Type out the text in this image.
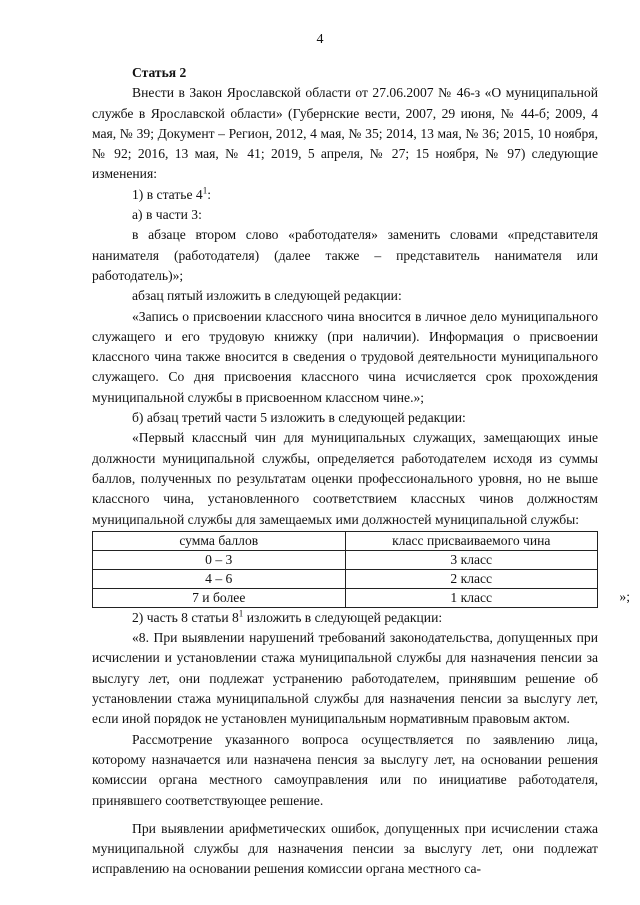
4

Статья 2

Внести в Закон Ярославской области от 27.06.2007 № 46-з «О муниципальной службе в Ярославской области» (Губернские вести, 2007, 29 июня, № 44-б; 2009, 4 мая, № 39; Документ – Регион, 2012, 4 мая, № 35; 2014, 13 мая, № 36; 2015, 10 ноября, № 92; 2016, 13 мая, № 41; 2019, 5 апреля, № 27; 15 ноября, № 97) следующие изменения:

1) в статье $4^1$:

а) в части 3:

в абзаце втором слово «работодателя» заменить словами «представителя нанимателя (работодателя) (далее также – представитель нанимателя или работодатель)»;

абзац пятый изложить в следующей редакции:

«Запись о присвоении классного чина вносится в личное дело муниципального служащего и его трудовую книжку (при наличии). Информация о присвоении классного чина также вносится в сведения о трудовой деятельности муниципального служащего. Со дня присвоения классного чина исчисляется срок прохождения муниципальной службы в присвоенном классном чине.»;

б) абзац третий части 5 изложить в следующей редакции:

«Первый классный чин для муниципальных служащих, замещающих иные должности муниципальной службы, определяется работодателем исходя из суммы баллов, полученных по результатам оценки профессионального уровня, но не выше классного чина, установленного соответствием классных чинов должностям муниципальной службы для замещаемых ими должностей муниципальной службы:

сумма баллов	класс присваиваемого чина
0 – 3	3 класс
4 – 6	2 класс
7 и более	1 класс	»;

2) часть 8 статьи $8^1$ изложить в следующей редакции:

«8. При выявлении нарушений требований законодательства, допущенных при исчислении и установлении стажа муниципальной службы для назначения пенсии за выслугу лет, они подлежат устранению работодателем, принявшим решение об установлении стажа муниципальной службы для назначения пенсии за выслугу лет, если иной порядок не установлен муниципальным нормативным правовым актом.

Рассмотрение указанного вопроса осуществляется по заявлению лица, которому назначается или назначена пенсия за выслугу лет, на основании решения комиссии органа местного самоуправления или по инициативе работодателя, принявшего соответствующее решение.

При выявлении арифметических ошибок, допущенных при исчислении стажа муниципальной службы для назначения пенсии за выслугу лет, они подлежат исправлению на основании решения комиссии органа местного са-
